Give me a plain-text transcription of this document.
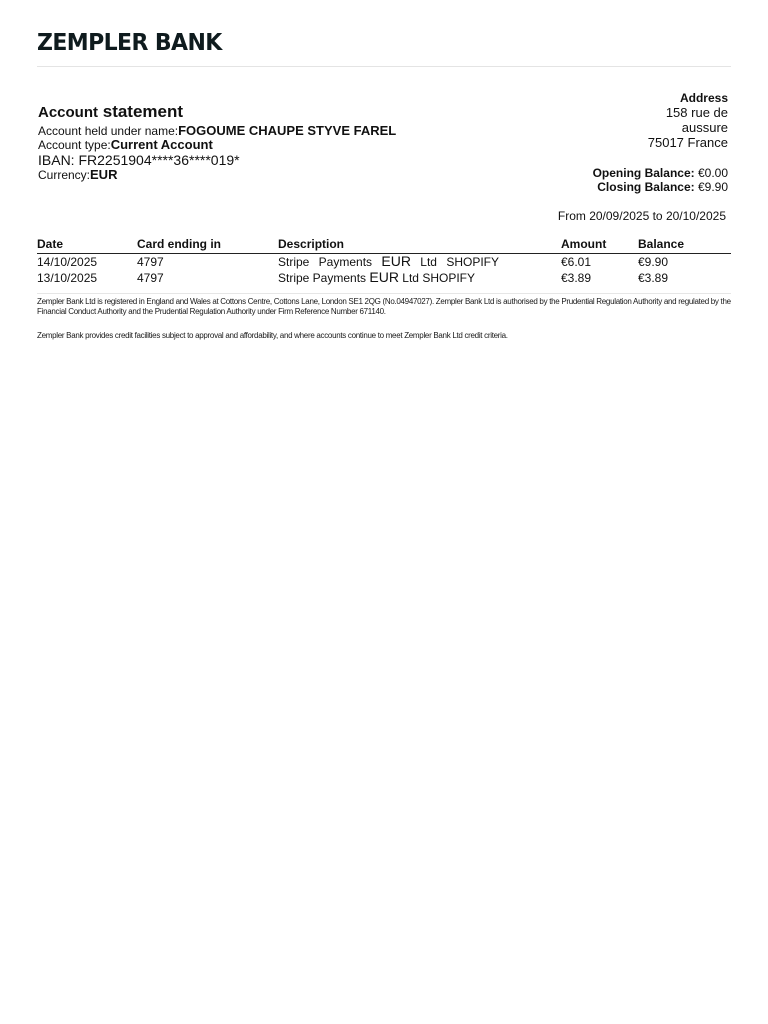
ZEMPLER BANK
Account statement
Account held under name:FOGOUME CHAUPE STYVE FAREL
Account type:Current Account
IBAN: FR2251904****36****019*
Currency:EUR
Address
158 rue de
aussure
75017 France
Opening Balance: €0.00
Closing Balance: €9.90
From 20/09/2025 to 20/10/2025
Date	Card ending in	Description	Amount	Balance
14/10/2025	4797	Stripe Payments EUR Ltd SHOPIFY	€6.01	€9.90
13/10/2025	4797	Stripe Payments EUR Ltd SHOPIFY	€3.89	€3.89
Zempler Bank Ltd is registered in England and Wales at Cottons Centre, Cottons Lane, London SE1 2QG (No.04947027). Zempler Bank Ltd is authorised by the Prudential Regulation Authority and regulated by the Financial Conduct Authority and the Prudential Regulation Authority under Firm Reference Number 671140.
Zempler Bank provides credit facilities subject to approval and affordability, and where accounts continue to meet Zempler Bank Ltd credit criteria.
